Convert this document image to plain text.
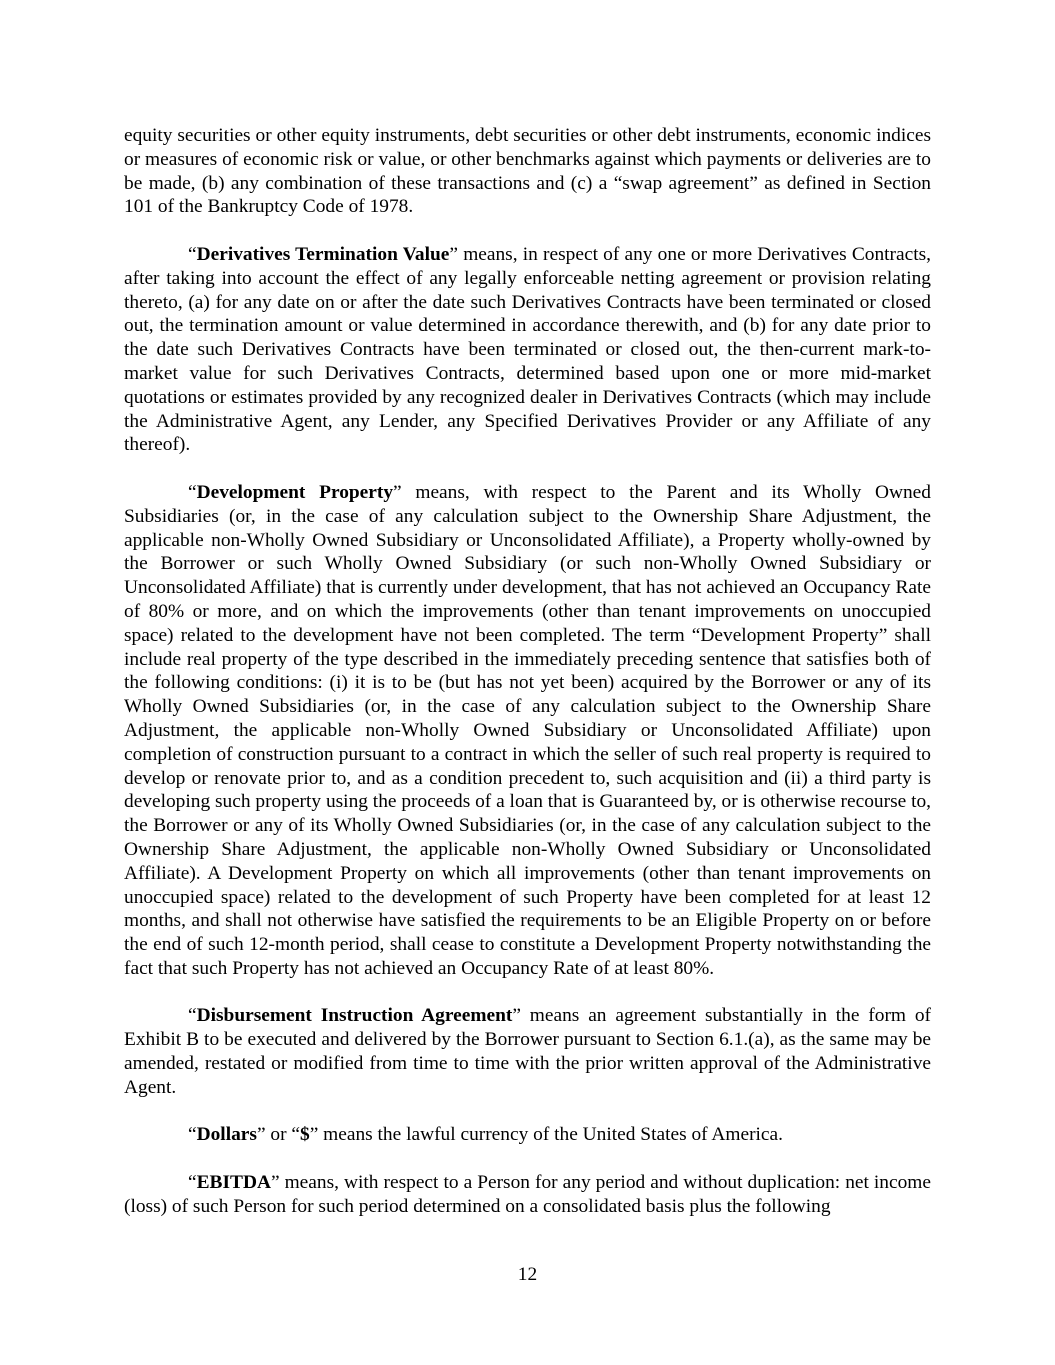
equity securities or other equity instruments, debt securities or other debt instruments, economic indices or measures of economic risk or value, or other benchmarks against which payments or deliveries are to be made, (b) any combination of these transactions and (c) a “swap agreement” as defined in Section 101 of the Bankruptcy Code of 1978.

“Derivatives Termination Value” means, in respect of any one or more Derivatives Contracts, after taking into account the effect of any legally enforceable netting agreement or provision relating thereto, (a) for any date on or after the date such Derivatives Contracts have been terminated or closed out, the termination amount or value determined in accordance therewith, and (b) for any date prior to the date such Derivatives Contracts have been terminated or closed out, the then-current mark-to-market value for such Derivatives Contracts, determined based upon one or more mid-market quotations or estimates provided by any recognized dealer in Derivatives Contracts (which may include the Administrative Agent, any Lender, any Specified Derivatives Provider or any Affiliate of any thereof).

“Development Property” means, with respect to the Parent and its Wholly Owned Subsidiaries (or, in the case of any calculation subject to the Ownership Share Adjustment, the applicable non-Wholly Owned Subsidiary or Unconsolidated Affiliate), a Property wholly-owned by the Borrower or such Wholly Owned Subsidiary (or such non-Wholly Owned Subsidiary or Unconsolidated Affiliate) that is currently under development, that has not achieved an Occupancy Rate of 80% or more, and on which the improvements (other than tenant improvements on unoccupied space) related to the development have not been completed. The term “Development Property” shall include real property of the type described in the immediately preceding sentence that satisfies both of the following conditions: (i) it is to be (but has not yet been) acquired by the Borrower or any of its Wholly Owned Subsidiaries (or, in the case of any calculation subject to the Ownership Share Adjustment, the applicable non-Wholly Owned Subsidiary or Unconsolidated Affiliate) upon completion of construction pursuant to a contract in which the seller of such real property is required to develop or renovate prior to, and as a condition precedent to, such acquisition and (ii) a third party is developing such property using the proceeds of a loan that is Guaranteed by, or is otherwise recourse to, the Borrower or any of its Wholly Owned Subsidiaries (or, in the case of any calculation subject to the Ownership Share Adjustment, the applicable non-Wholly Owned Subsidiary or Unconsolidated Affiliate). A Development Property on which all improvements (other than tenant improvements on unoccupied space) related to the development of such Property have been completed for at least 12 months, and shall not otherwise have satisfied the requirements to be an Eligible Property on or before the end of such 12-month period, shall cease to constitute a Development Property notwithstanding the fact that such Property has not achieved an Occupancy Rate of at least 80%.

“Disbursement Instruction Agreement” means an agreement substantially in the form of Exhibit B to be executed and delivered by the Borrower pursuant to Section 6.1.(a), as the same may be amended, restated or modified from time to time with the prior written approval of the Administrative Agent.

“Dollars” or “$” means the lawful currency of the United States of America.

“EBITDA” means, with respect to a Person for any period and without duplication: net income (loss) of such Person for such period determined on a consolidated basis plus the following

12
